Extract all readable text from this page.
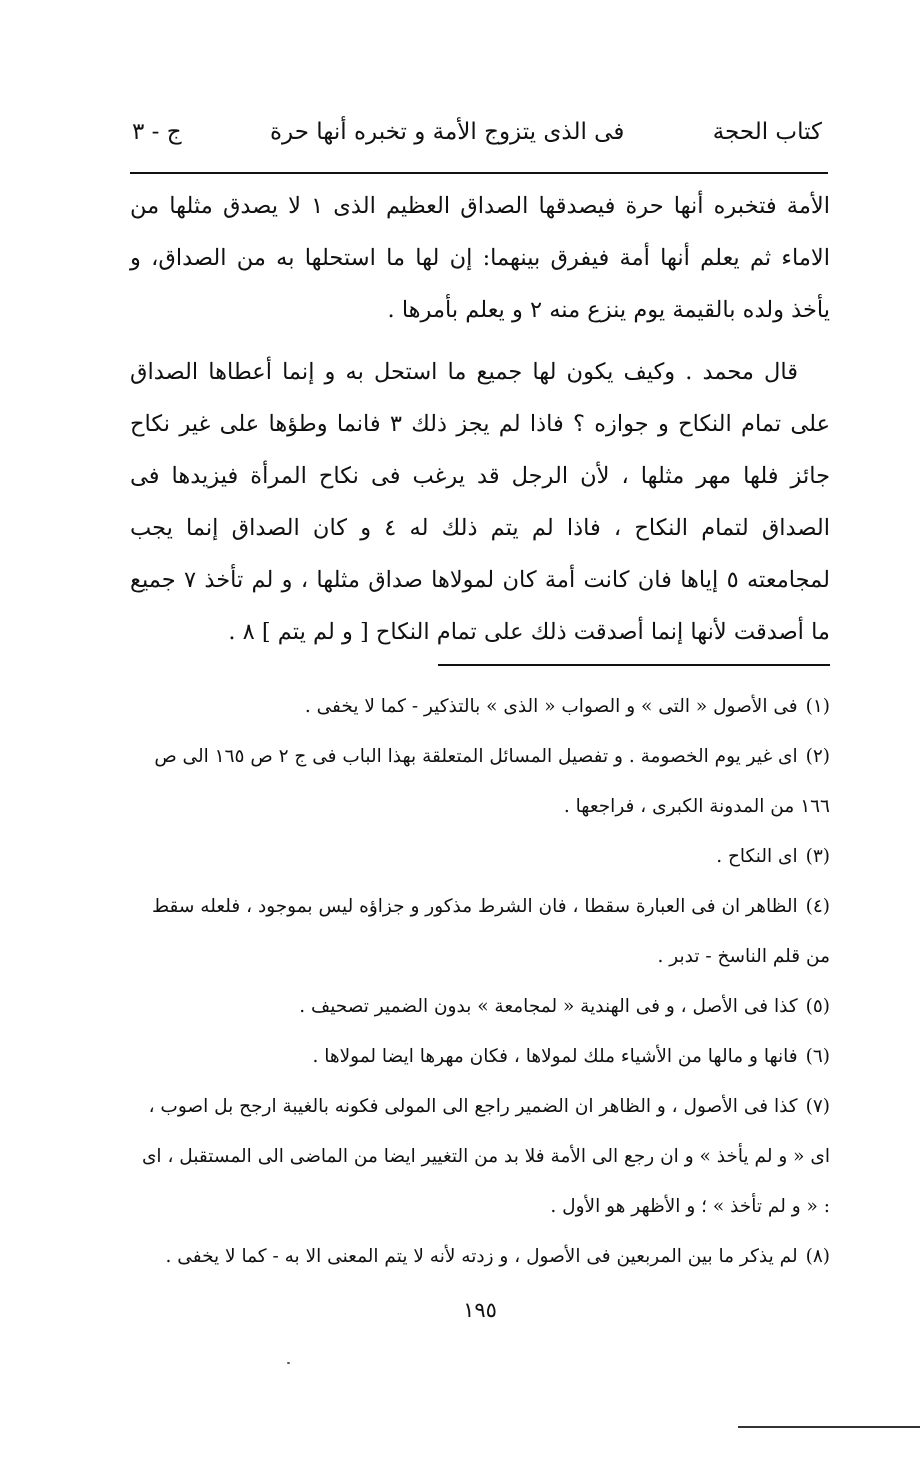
كتاب الحجة
فى الذى يتزوج الأمة و تخبره أنها حرة
ج - ٣

الأمة فتخبره أنها حرة فيصدقها الصداق العظيم الذى ١ لا يصدق مثلها من الاماء ثم يعلم أنها أمة فيفرق بينهما: إن لها ما استحلها به من الصداق، و يأخذ ولده بالقيمة يوم ينزع منه ٢ و يعلم بأمرها .

قال محمد . وكيف يكون لها جميع ما استحل به و إنما أعطاها الصداق على تمام النكاح و جوازه ؟ فاذا لم يجز ذلك ٣ فانما وطؤها على غير نكاح جائز فلها مهر مثلها ، لأن الرجل قد يرغب فى نكاح المرأة فيزيدها فى الصداق لتمام النكاح ، فاذا لم يتم ذلك له ٤ و كان الصداق إنما يجب لمجامعته ٥ إياها فان كانت أمة كان لمولاها صداق مثلها ، و لم تأخذ ٧ جميع ما أصدقت لأنها إنما أصدقت ذلك على تمام النكاح [ و لم يتم ] ٨ .

(١)فى الأصول « التى » و الصواب « الذى » بالتذكير - كما لا يخفى .

(٢)اى غير يوم الخصومة . و تفصيل المسائل المتعلقة بهذا الباب فى ج ٢ ص ١٦٥ الى ص ١٦٦ من المدونة الكبرى ، فراجعها .

(٣)اى النكاح .

(٤)الظاهر ان فى العبارة سقطا ، فان الشرط مذكور و جزاؤه ليس بموجود ، فلعله سقط من قلم الناسخ - تدبر .

(٥)كذا فى الأصل ، و فى الهندية « لمجامعة » بدون الضمير تصحيف .

(٦)فانها و مالها من الأشياء ملك لمولاها ، فكان مهرها ايضا لمولاها .

(٧)كذا فى الأصول ، و الظاهر ان الضمير راجع الى المولى فكونه بالغيبة ارجح بل اصوب ، اى « و لم يأخذ » و ان رجع الى الأمة فلا بد من التغيير ايضا من الماضى الى المستقبل ، اى : « و لم تأخذ » ؛ و الأظهر هو الأول .

(٨)لم يذكر ما بين المربعين فى الأصول ، و زدته لأنه لا يتم المعنى الا به - كما لا يخفى .

١٩٥
